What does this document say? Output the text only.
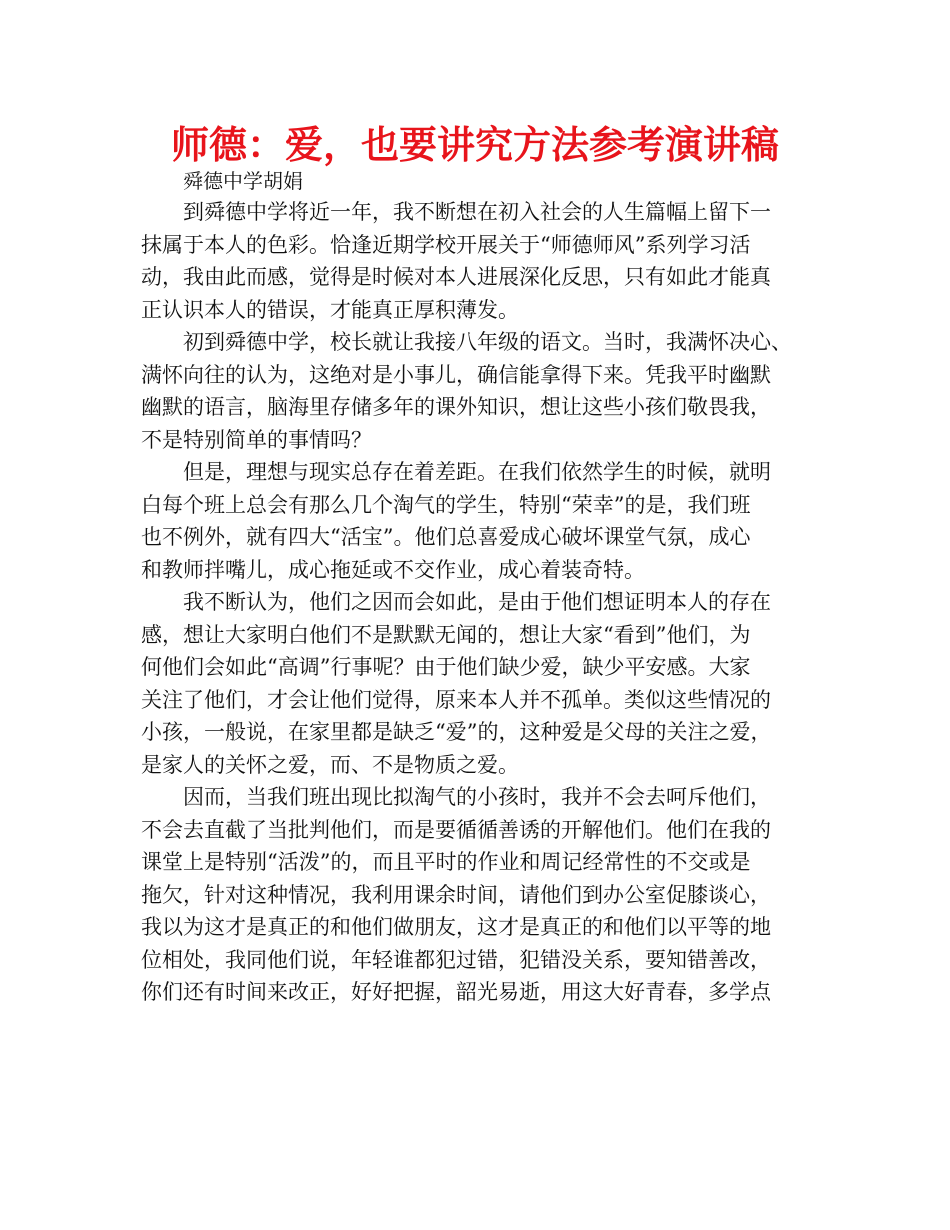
师德：爱，也要讲究方法参考演讲稿

舜德中学胡娟

到舜德中学将近一年，我不断想在初入社会的人生篇幅上留下一
抹属于本人的色彩。恰逢近期学校开展关于“师德师风”系列学习活
动，我由此而感，觉得是时候对本人进展深化反思，只有如此才能真
正认识本人的错误，才能真正厚积薄发。
初到舜德中学，校长就让我接八年级的语文。当时，我满怀决心、
满怀向往的认为，这绝对是小事儿，确信能拿得下来。凭我平时幽默
幽默的语言，脑海里存储多年的课外知识，想让这些小孩们敬畏我，
不是特别简单的事情吗？
但是，理想与现实总存在着差距。在我们依然学生的时候，就明
白每个班上总会有那么几个淘气的学生，特别“荣幸”的是，我们班
也不例外，就有四大“活宝”。他们总喜爱成心破坏课堂气氛，成心
和教师拌嘴儿，成心拖延或不交作业，成心着装奇特。
我不断认为，他们之因而会如此，是由于他们想证明本人的存在
感，想让大家明白他们不是默默无闻的，想让大家“看到”他们，为
何他们会如此“高调”行事呢？由于他们缺少爱，缺少平安感。大家
关注了他们，才会让他们觉得，原来本人并不孤单。类似这些情况的
小孩，一般说，在家里都是缺乏“爱”的，这种爱是父母的关注之爱，
是家人的关怀之爱，而、不是物质之爱。
因而，当我们班出现比拟淘气的小孩时，我并不会去呵斥他们，
不会去直截了当批判他们，而是要循循善诱的开解他们。他们在我的
课堂上是特别“活泼”的，而且平时的作业和周记经常性的不交或是
拖欠，针对这种情况，我利用课余时间，请他们到办公室促膝谈心，
我以为这才是真正的和他们做朋友，这才是真正的和他们以平等的地
位相处，我同他们说，年轻谁都犯过错，犯错没关系，要知错善改，
你们还有时间来改正，好好把握，韶光易逝，用这大好青春，多学点
